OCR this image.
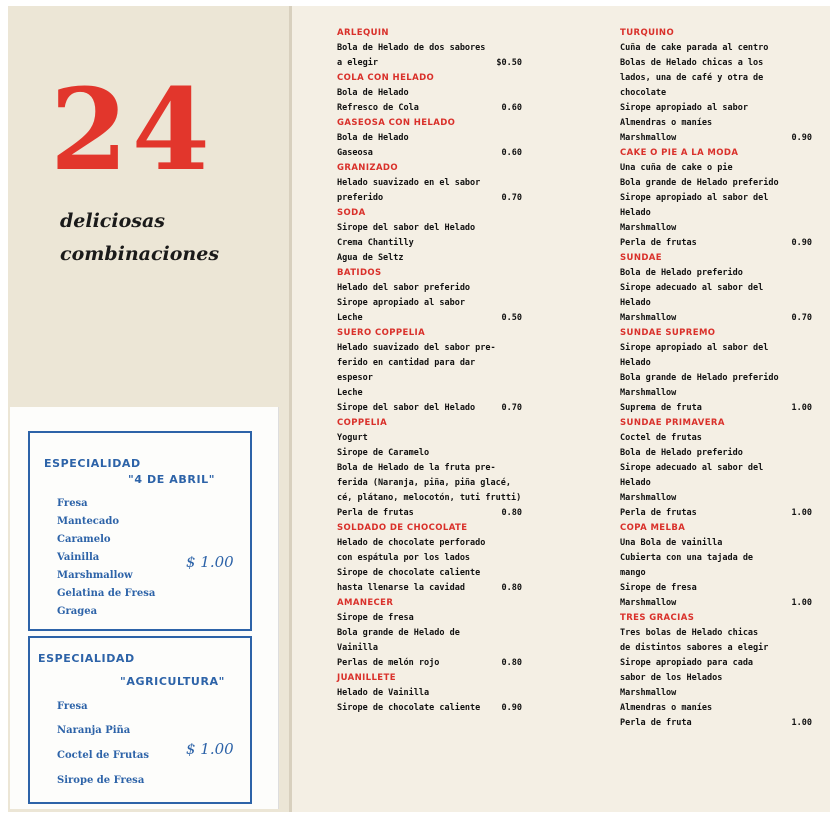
24
deliciosas
combinaciones
ESPECIALIDAD
"4 DE ABRIL"
Fresa
Mantecado
Caramelo
Vainilla
Marshmallow
Gelatina de Fresa
Gragea
$ 1.00
ESPECIALIDAD
"AGRICULTURA"
Fresa
Naranja Piña
Coctel de Frutas
Sirope de Fresa
$ 1.00
ARLEQUIN
Bola de Helado de dos sabores
a elegir	$0.50
COLA CON HELADO
Bola de Helado
Refresco de Cola	0.60
GASEOSA CON HELADO
Bola de Helado
Gaseosa	0.60
GRANIZADO
Helado suavizado en el sabor
preferido	0.70
SODA
Sirope del sabor del Helado
Crema Chantilly
Agua de Seltz
BATIDOS
Helado del sabor preferido
Sirope apropiado al sabor
Leche	0.50
SUERO COPPELIA
Helado suavizado del sabor pre-
ferido en cantidad para dar
espesor
Leche
Sirope del sabor del Helado	0.70
COPPELIA
Yogurt
Sirope de Caramelo
Bola de Helado de la fruta pre-
ferida (Naranja, piña, piña glacé,
cé, plátano, melocotón, tuti frutti)
Perla de frutas	0.80
SOLDADO DE CHOCOLATE
Helado de chocolate perforado
con espátula por los lados
Sirope de chocolate caliente
hasta llenarse la cavidad	0.80
AMANECER
Sirope de fresa
Bola grande de Helado de
Vainilla
Perlas de melón rojo	0.80
JUANILLETE
Helado de Vainilla
Sirope de chocolate caliente 0.90
TURQUINO
Cuña de cake parada al centro
Bolas de Helado chicas a los
lados, una de café y otra de
chocolate
Sirope apropiado al sabor
Almendras o maníes
Marshmallow	0.90
CAKE O PIE A LA MODA
Una cuña de cake o pie
Bola grande de Helado preferido
Sirope apropiado al sabor del
Helado
Marshmallow
Perla de frutas	0.90
SUNDAE
Bola de Helado preferido
Sirope adecuado al sabor del
Helado
Marshmallow	0.70
SUNDAE SUPREMO
Sirope apropiado al sabor del
Helado
Bola grande de Helado preferido
Marshmallow
Suprema de fruta	1.00
SUNDAE PRIMAVERA
Coctel de frutas
Bola de Helado preferido
Sirope adecuado al sabor del
Helado
Marshmallow
Perla de frutas	1.00
COPA MELBA
Una Bola de vainilla
Cubierta con una tajada de
mango
Sirope de fresa
Marshmallow	1.00
TRES GRACIAS
Tres bolas de Helado chicas
de distintos sabores a elegir
Sirope apropiado para cada
sabor de los Helados
Marshmallow
Almendras o maníes
Perla de fruta	1.00
